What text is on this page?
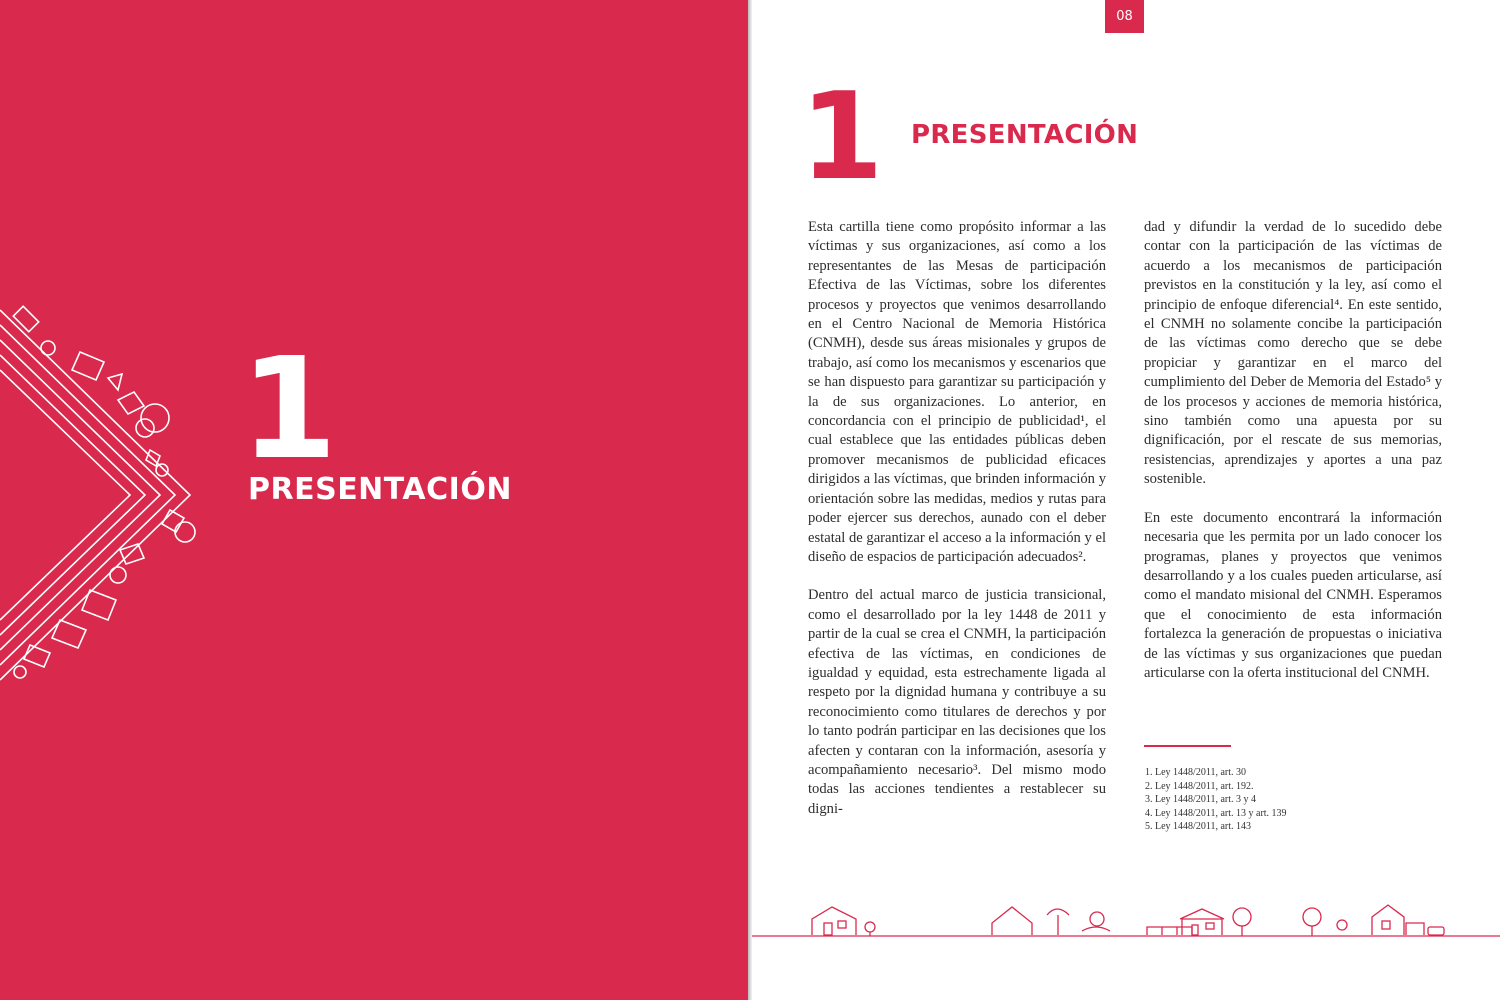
1
PRESENTACIÓN
08
1 PRESENTACIÓN

Esta cartilla tiene como propósito informar a las víctimas y sus organizaciones, así como a los representantes de las Mesas de participación Efectiva de las Víctimas, sobre los diferentes procesos y proyectos que venimos desarrollando en el Centro Nacional de Memoria Histórica (CNMH), desde sus áreas misionales y grupos de trabajo, así como los mecanismos y escenarios que se han dispuesto para garantizar su participación y la de sus organizaciones. Lo anterior, en concordancia con el principio de publicidad¹, el cual establece que las entidades públicas deben promover mecanismos de publicidad eficaces dirigidos a las víctimas, que brinden información y orientación sobre las medidas, medios y rutas para poder ejercer sus derechos, aunado con el deber estatal de garantizar el acceso a la información y el diseño de espacios de participación adecuados².

Dentro del actual marco de justicia transicional, como el desarrollado por la ley 1448 de 2011 y partir de la cual se crea el CNMH, la participación efectiva de las víctimas, en condiciones de igualdad y equidad, esta estrechamente ligada al respeto por la dignidad humana y contribuye a su reconocimiento como titulares de derechos y por lo tanto podrán participar en las decisiones que los afecten y contaran con la información, asesoría y acompañamiento necesario³. Del mismo modo todas las acciones tendientes a restablecer su digni-

dad y difundir la verdad de lo sucedido debe contar con la participación de las víctimas de acuerdo a los mecanismos de participación previstos en la constitución y la ley, así como el principio de enfoque diferencial⁴. En este sentido, el CNMH no solamente concibe la participación de las víctimas como derecho que se debe propiciar y garantizar en el marco del cumplimiento del Deber de Memoria del Estado⁵ y de los procesos y acciones de memoria histórica, sino también como una apuesta por su dignificación, por el rescate de sus memorias, resistencias, aprendizajes y aportes a una paz sostenible.

En este documento encontrará la información necesaria que les permita por un lado conocer los programas, planes y proyectos que venimos desarrollando y a los cuales pueden articularse, así como el mandato misional del CNMH. Esperamos que el conocimiento de esta información fortalezca la generación de propuestas o iniciativa de las víctimas y sus organizaciones que puedan articularse con la oferta institucional del CNMH.

1. Ley 1448/2011, art. 30
2. Ley 1448/2011, art. 192.
3. Ley 1448/2011, art. 3 y 4
4. Ley 1448/2011, art. 13 y art. 139
5. Ley 1448/2011, art. 143
